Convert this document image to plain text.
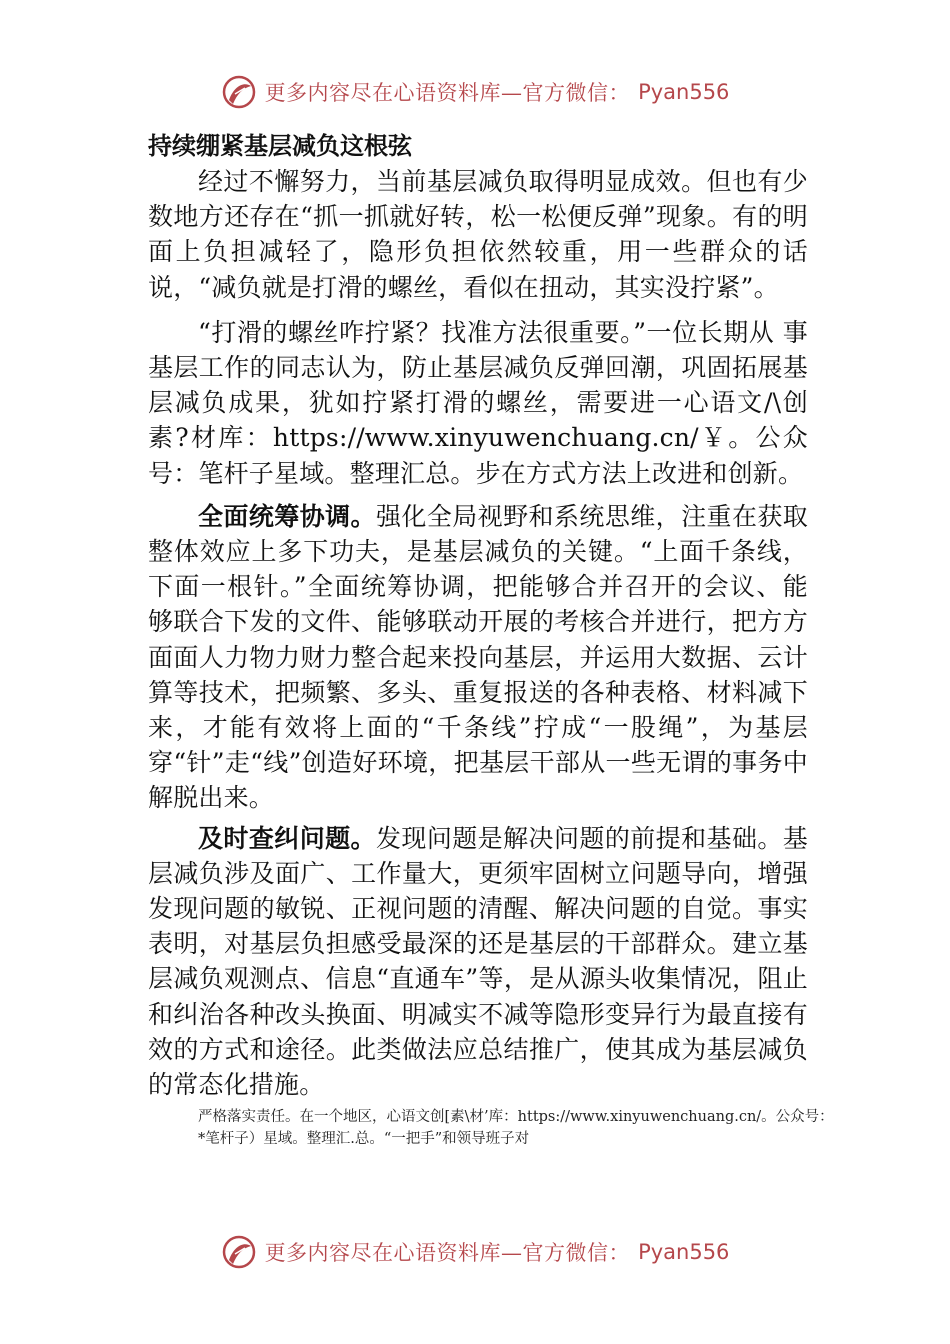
更多内容尽在心语资料库—官方微信： Pyan556
持续绷紧基层减负这根弦

经过不懈努力，当前基层减负取得明显成效。但也有少数地方还存在“抓一抓就好转，松一松便反弹”现象。有的明面上负担减轻了，隐形负担依然较重，用一些群众的话说，“减负就是打滑的螺丝，看似在扭动，其实没拧紧”。

“打滑的螺丝咋拧紧？找准方法很重要。”一位长期从 事基层工作的同志认为，防止基层减负反弹回潮，巩固拓展基层减负成果，犹如拧紧打滑的螺丝，需要进一心语文/\创素?材库：https://www.xinyuwenchuang.cn/￥。公众号：笔杆子星域。整理汇总。步在方式方法上改进和创新。

全面统筹协调。强化全局视野和系统思维，注重在获取整体效应上多下功夫，是基层减负的关键。“上面千条线， 下面一根针。”全面统筹协调，把能够合并召开的会议、能 够联合下发的文件、能够联动开展的考核合并进行，把方方面面人力物力财力整合起来投向基层，并运用大数据、云计算等技术，把频繁、多头、重复报送的各种表格、材料减下来，才能有效将上面的“千条线”拧成“一股绳”，为基层穿“针”走“线”创造好环境，把基层干部从一些无谓的事务中解脱出来。

及时查纠问题。发现问题是解决问题的前提和基础。基层减负涉及面广、工作量大，更须牢固树立问题导向，增强发现问题的敏锐、正视问题的清醒、解决问题的自觉。事实表明，对基层负担感受最深的还是基层的干部群众。建立基层减负观测点、信息“直通车”等，是从源头收集情况，阻止和纠治各种改头换面、明减实不减等隐形变异行为最直接有效的方式和途径。此类做法应总结推广，使其成为基层减负的常态化措施。

严格落实责任。在一个地区，心语文创[素\材’库：https://www.xinyuwenchuang.cn/。公众号：*笔杆子）星域。整理汇.总。“一把手”和领导班子对
更多内容尽在心语资料库—官方微信： Pyan556
